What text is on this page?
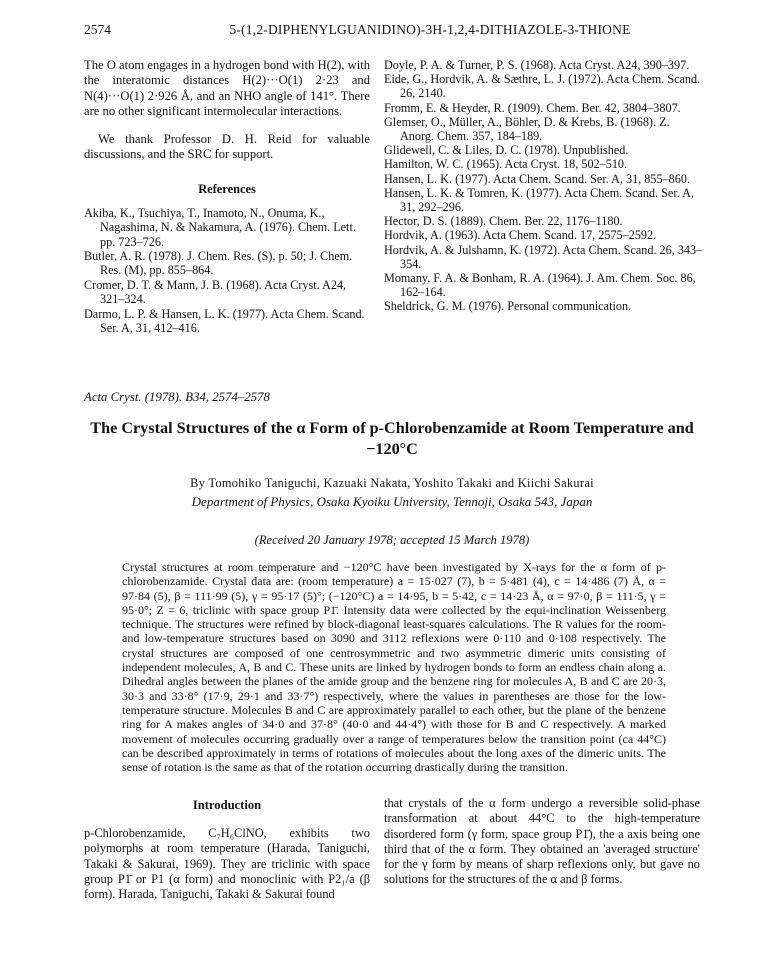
2574	5-(1,2-DIPHENYLGUANIDINO)-3H-1,2,4-DITHIAZOLE-3-THIONE

The O atom engages in a hydrogen bond with H(2), with the interatomic distances H(2)···O(1) 2·23 and N(4)···O(1) 2·926 Å, and an NHO angle of 141°. There are no other significant intermolecular interactions.

We thank Professor D. H. Reid for valuable discussions, and the SRC for support.

References
Akiba, K., Tsuchiya, T., Inamoto, N., Onuma, K., Nagashima, N. & Nakamura, A. (1976). Chem. Lett. pp. 723–726.
Butler, A. R. (1978). J. Chem. Res. (S), p. 50; J. Chem. Res. (M), pp. 855–864.
Cromer, D. T. & Mann, J. B. (1968). Acta Cryst. A24, 321–324.
Darmo, L. P. & Hansen, L. K. (1977). Acta Chem. Scand. Ser. A, 31, 412–416.
Doyle, P. A. & Turner, P. S. (1968). Acta Cryst. A24, 390–397.
Eide, G., Hordvik, A. & Sæthre, L. J. (1972). Acta Chem. Scand. 26, 2140.
Fromm, E. & Heyder, R. (1909). Chem. Ber. 42, 3804–3807.
Glemser, O., Müller, A., Böhler, D. & Krebs, B. (1968). Z. Anorg. Chem. 357, 184–189.
Glidewell, C. & Liles, D. C. (1978). Unpublished.
Hamilton, W. C. (1965). Acta Cryst. 18, 502–510.
Hansen, L. K. (1977). Acta Chem. Scand. Ser. A, 31, 855–860.
Hansen, L. K. & Tomren, K. (1977). Acta Chem. Scand. Ser. A, 31, 292–296.
Hector, D. S. (1889). Chem. Ber. 22, 1176–1180.
Hordvik, A. (1963). Acta Chem. Scand. 17, 2575–2592.
Hordvik, A. & Julshamn, K. (1972). Acta Chem. Scand. 26, 343–354.
Momany, F. A. & Bonham, R. A. (1964). J. Am. Chem. Soc. 86, 162–164.
Sheldrick, G. M. (1976). Personal communication.
Acta Cryst. (1978). B34, 2574–2578
The Crystal Structures of the α Form of p-Chlorobenzamide at Room Temperature and −120°C
By Tomohiko Taniguchi, Kazuaki Nakata, Yoshito Takaki and Kiichi Sakurai
Department of Physics, Osaka Kyoiku University, Tennoji, Osaka 543, Japan
(Received 20 January 1978; accepted 15 March 1978)
Crystal structures at room temperature and −120°C have been investigated by X-rays for the α form of p-chlorobenzamide. Crystal data are: (room temperature) a = 15·027 (7), b = 5·481 (4), c = 14·486 (7) Å, α = 97·84 (5), β = 111·99 (5), γ = 95·17 (5)°; (−120°C) a = 14·95, b = 5·42, c = 14·23 Å, α = 97·0, β = 111·5, γ = 95·0°; Z = 6, triclinic with space group P1̄. Intensity data were collected by the equi-inclination Weissenberg technique. The structures were refined by block-diagonal least-squares calculations. The R values for the room- and low-temperature structures based on 3090 and 3112 reflexions were 0·110 and 0·108 respectively. The crystal structures are composed of one centrosymmetric and two asymmetric dimeric units consisting of independent molecules, A, B and C. These units are linked by hydrogen bonds to form an endless chain along a. Dihedral angles between the planes of the amide group and the benzene ring for molecules A, B and C are 20·3, 30·3 and 33·8° (17·9, 29·1 and 33·7°) respectively, where the values in parentheses are those for the low-temperature structure. Molecules B and C are approximately parallel to each other, but the plane of the benzene ring for A makes angles of 34·0 and 37·8° (40·0 and 44·4°) with those for B and C respectively. A marked movement of molecules occurring gradually over a range of temperatures below the transition point (ca 44°C) can be described approximately in terms of rotations of molecules about the long axes of the dimeric units. The sense of rotation is the same as that of the rotation occurring drastically during the transition.
Introduction
p-Chlorobenzamide, C₇H₆ClNO, exhibits two polymorphs at room temperature (Harada, Taniguchi, Takaki & Sakurai, 1969). They are triclinic with space group P1̄ or P1 (α form) and monoclinic with P2₁/a (β form). Harada, Taniguchi, Takaki & Sakurai found
that crystals of the α form undergo a reversible solid-phase transformation at about 44°C to the high-temperature disordered form (γ form, space group P1̄), the a axis being one third that of the α form. They obtained an 'averaged structure' for the γ form by means of sharp reflexions only, but gave no solutions for the structures of the α and β forms.
